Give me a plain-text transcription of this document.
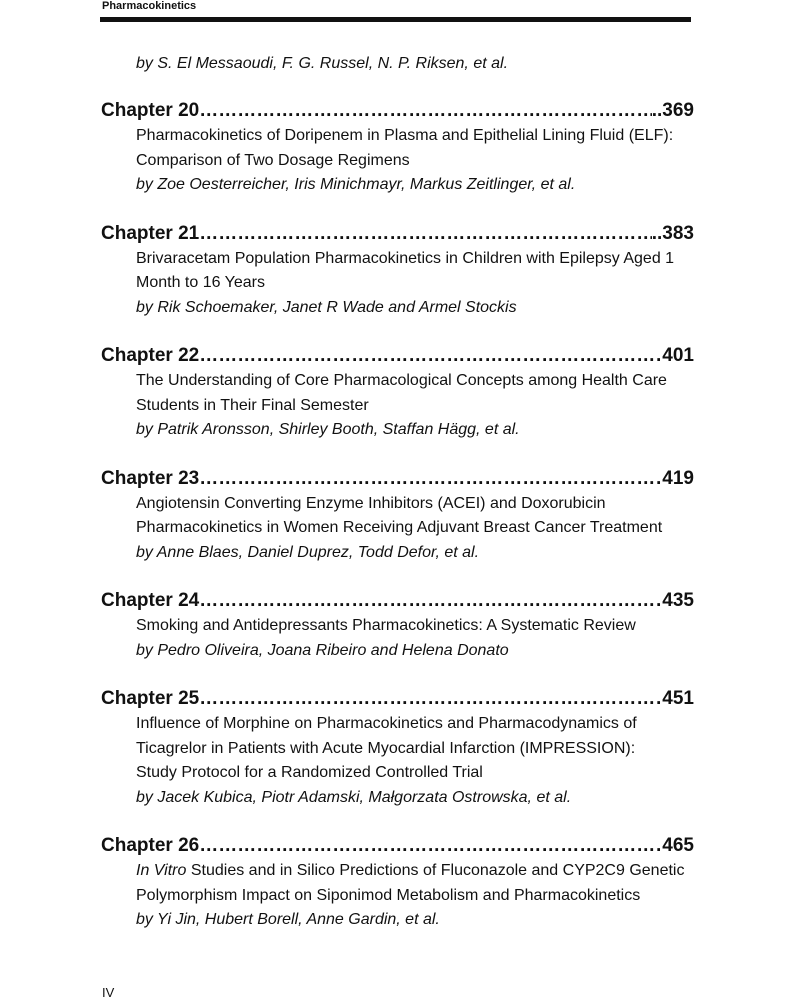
Pharmacokinetics
by S. El Messaoudi, F. G. Russel, N. P. Riksen, et al.
Chapter 20 ………………………………………………………………………………………………………………………………………………………………	..369
Pharmacokinetics of Doripenem in Plasma and Epithelial Lining Fluid (ELF):
Comparison of Two Dosage Regimens
by Zoe Oesterreicher, Iris Minichmayr, Markus Zeitlinger, et al.
Chapter 21 ………………………………………………………………………………………………………………………………………………………………	..383
Brivaracetam Population Pharmacokinetics in Children with Epilepsy Aged 1
Month to 16 Years
by Rik Schoemaker, Janet R Wade and Armel Stockis
Chapter 22 ………………………………………………………………………………………………………………………………………………………………	401
The Understanding of Core Pharmacological Concepts among Health Care
Students in Their Final Semester
by Patrik Aronsson, Shirley Booth, Staffan Hägg, et al.
Chapter 23 ………………………………………………………………………………………………………………………………………………………………	419
Angiotensin Converting Enzyme Inhibitors (ACEI) and Doxorubicin
Pharmacokinetics in Women Receiving Adjuvant Breast Cancer Treatment
by Anne Blaes, Daniel Duprez, Todd Defor, et al.
Chapter 24 ………………………………………………………………………………………………………………………………………………………………	435
Smoking and Antidepressants Pharmacokinetics: A Systematic Review
by Pedro Oliveira, Joana Ribeiro and Helena Donato
Chapter 25 ………………………………………………………………………………………………………………………………………………………………	451
Influence of Morphine on Pharmacokinetics and Pharmacodynamics of
Ticagrelor in Patients with Acute Myocardial Infarction (IMPRESSION):
Study Protocol for a Randomized Controlled Trial
by Jacek Kubica, Piotr Adamski, Małgorzata Ostrowska, et al.
Chapter 26 ………………………………………………………………………………………………………………………………………………………………	465
In Vitro Studies and in Silico Predictions of Fluconazole and CYP2C9 Genetic
Polymorphism Impact on Siponimod Metabolism and Pharmacokinetics
by Yi Jin, Hubert Borell, Anne Gardin, et al.
IV
